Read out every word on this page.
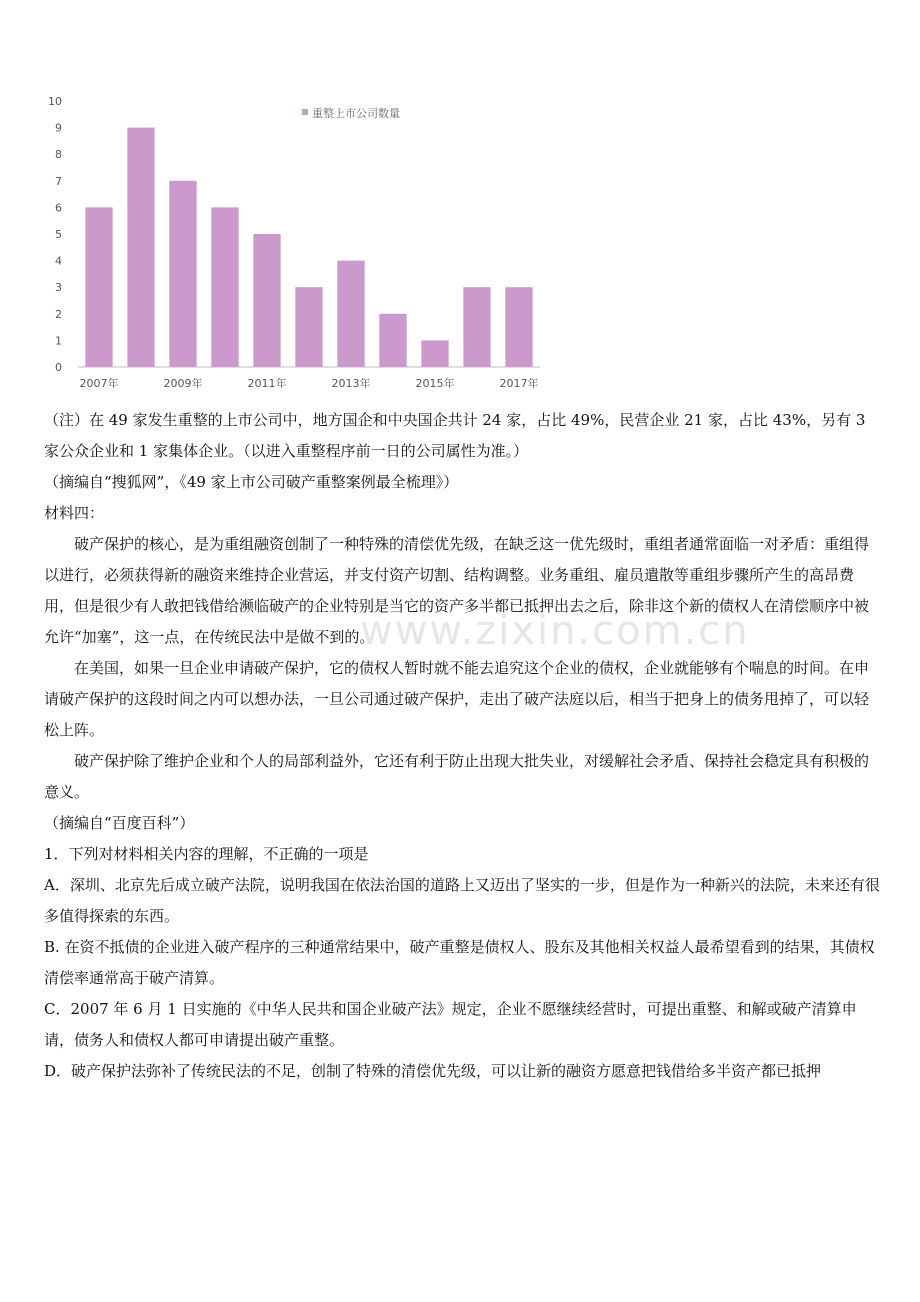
0
1
2
3
4
5
6
7
8
9
10
2007年	2009年	2011年	2013年	2015年	2017年
重整上市公司数量
www.zixin.com.cn

（注）在 49 家发生重整的上市公司中，地方国企和中央国企共计 24 家，占比 49%，民营企业 21 家，占比 43%，另有 3 家公众企业和 1 家集体企业。（以进入重整程序前一日的公司属性为准。）

（摘编自“搜狐网”，《49 家上市公司破产重整案例最全梳理》）

材料四：

破产保护的核心，是为重组融资创制了一种特殊的清偿优先级，在缺乏这一优先级时，重组者通常面临一对矛盾：重组得以进行，必须获得新的融资来维持企业营运，并支付资产切割、结构调整。业务重组、雇员遣散等重组步骤所产生的高昂费用，但是很少有人敢把钱借给濒临破产的企业特别是当它的资产多半都已抵押出去之后，除非这个新的债权人在清偿顺序中被允许“加塞”，这一点，在传统民法中是做不到的。

在美国，如果一旦企业申请破产保护，它的债权人暂时就不能去追究这个企业的债权，企业就能够有个喘息的时间。在申请破产保护的这段时间之内可以想办法，一旦公司通过破产保护，走出了破产法庭以后，相当于把身上的债务甩掉了，可以轻松上阵。

破产保护除了维护企业和个人的局部利益外，它还有利于防止出现大批失业，对缓解社会矛盾、保持社会稳定具有积极的意义。

（摘编自“百度百科”）

1．下列对材料相关内容的理解，不正确的一项是

A．深圳、北京先后成立破产法院，说明我国在依法治国的道路上又迈出了坚实的一步，但是作为一种新兴的法院，未来还有很多值得探索的东西。

B. 在资不抵债的企业进入破产程序的三种通常结果中，破产重整是债权人、股东及其他相关权益人最希望看到的结果，其债权清偿率通常高于破产清算。

C．2007 年 6 月 1 日实施的《中华人民共和国企业破产法》规定，企业不愿继续经营时，可提出重整、和解或破产清算申请，债务人和债权人都可申请提出破产重整。

D．破产保护法弥补了传统民法的不足，创制了特殊的清偿优先级，可以让新的融资方愿意把钱借给多半资产都已抵押
